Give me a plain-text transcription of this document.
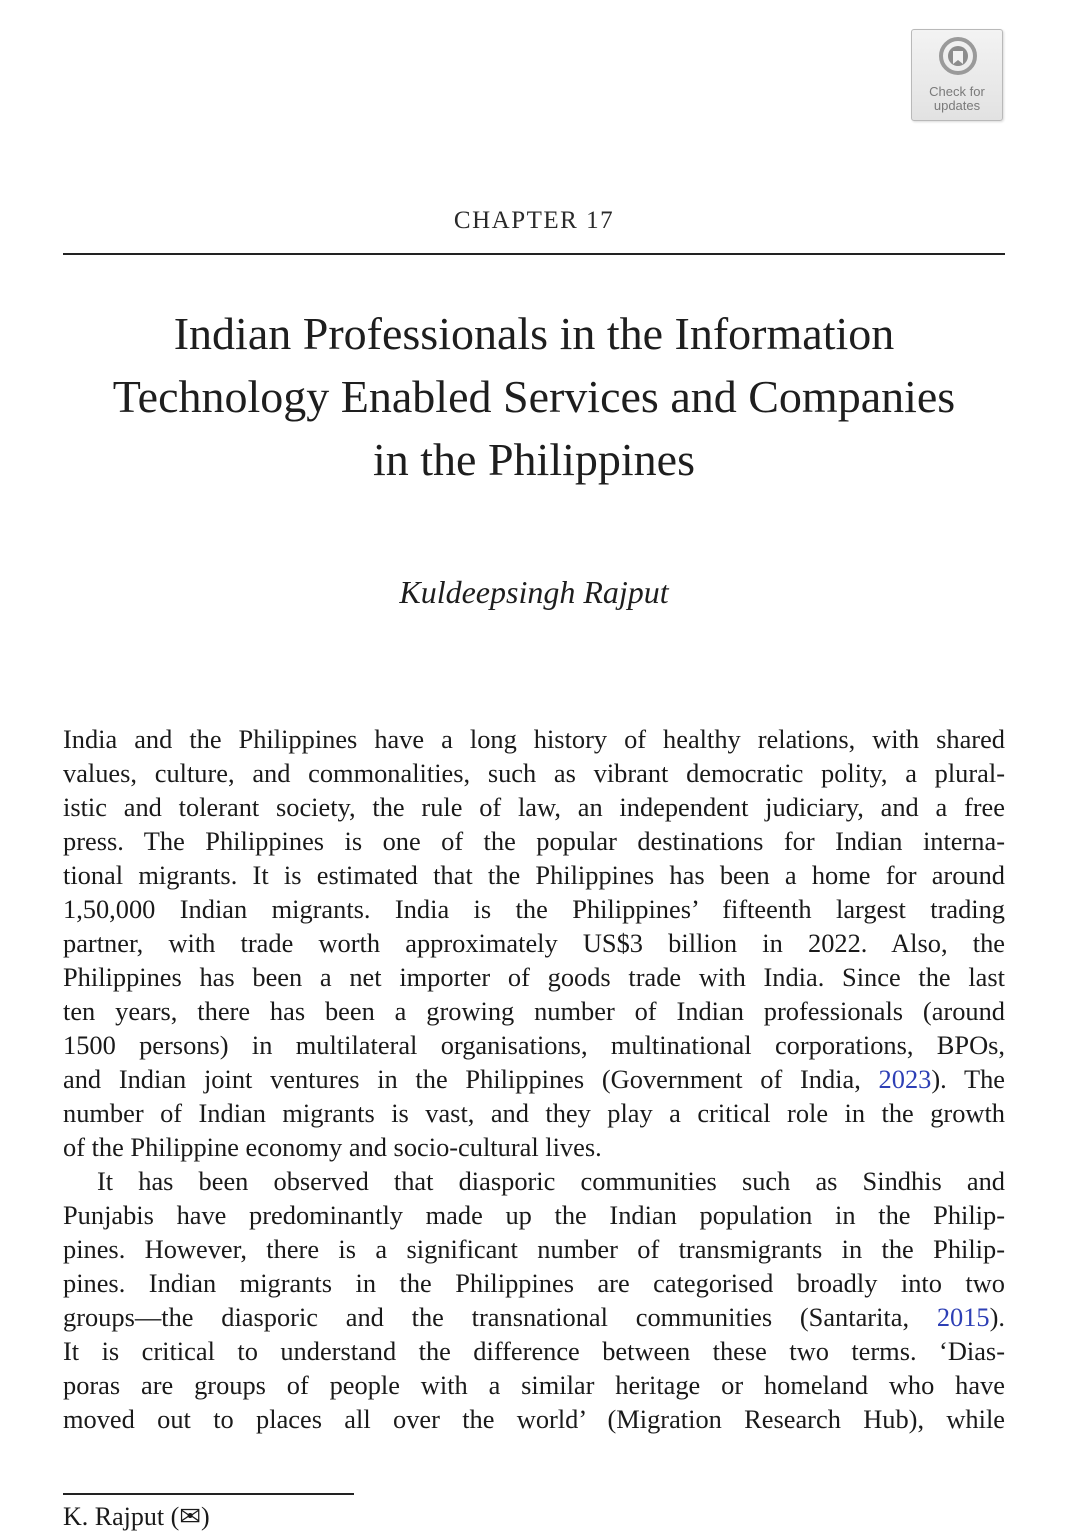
Check for
updates
CHAPTER 17
Indian Professionals in the Information
Technology Enabled Services and Companies
in the Philippines
Kuldeepsingh Rajput
India and the Philippines have a long history of healthy relations, with shared
values, culture, and commonalities, such as vibrant democratic polity, a plural-
istic and tolerant society, the rule of law, an independent judiciary, and a free
press. The Philippines is one of the popular destinations for Indian interna-
tional migrants. It is estimated that the Philippines has been a home for around
1,50,000 Indian migrants. India is the Philippines’ fifteenth largest trading
partner, with trade worth approximately US$3 billion in 2022. Also, the
Philippines has been a net importer of goods trade with India. Since the last
ten years, there has been a growing number of Indian professionals (around
1500 persons) in multilateral organisations, multinational corporations, BPOs,
and Indian joint ventures in the Philippines (Government of India, 2023). The
number of Indian migrants is vast, and they play a critical role in the growth
of the Philippine economy and socio-cultural lives.
It has been observed that diasporic communities such as Sindhis and
Punjabis have predominantly made up the Indian population in the Philip-
pines. However, there is a significant number of transmigrants in the Philip-
pines. Indian migrants in the Philippines are categorised broadly into two
groups—the diasporic and the transnational communities (Santarita, 2015).
It is critical to understand the difference between these two terms. ‘Dias-
poras are groups of people with a similar heritage or homeland who have
moved out to places all over the world’ (Migration Research Hub), while
K. Rajput (✉)
